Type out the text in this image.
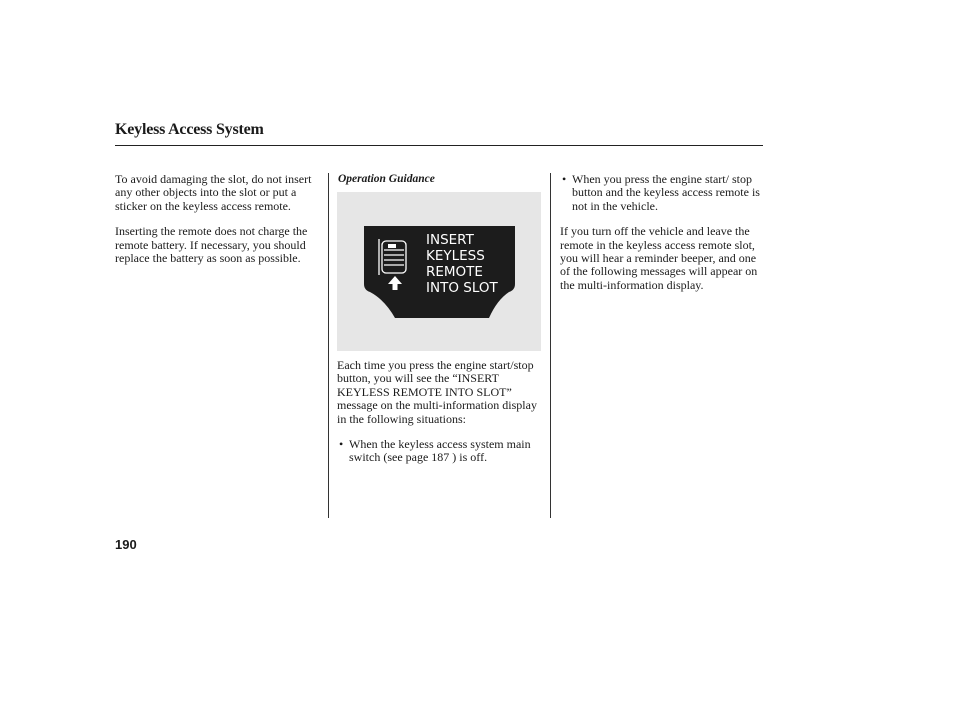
Keyless Access System

To avoid damaging the slot, do not insert any other objects into the slot or put a sticker on the keyless access remote.

Inserting the remote does not charge the remote battery. If necessary, you should replace the battery as soon as possible.

Operation Guidance
INSERT
KEYLESS
REMOTE
INTO SLOT

Each time you press the engine start/stop button, you will see the “INSERT KEYLESS REMOTE INTO SLOT” message on the multi-information display in the following situations:

• When the keyless access system main switch (see page 187 ) is off.
• When you press the engine start/ stop button and the keyless access remote is not in the vehicle.

If you turn off the vehicle and leave the remote in the keyless access remote slot, you will hear a reminder beeper, and one of the following messages will appear on the multi-information display.

190
